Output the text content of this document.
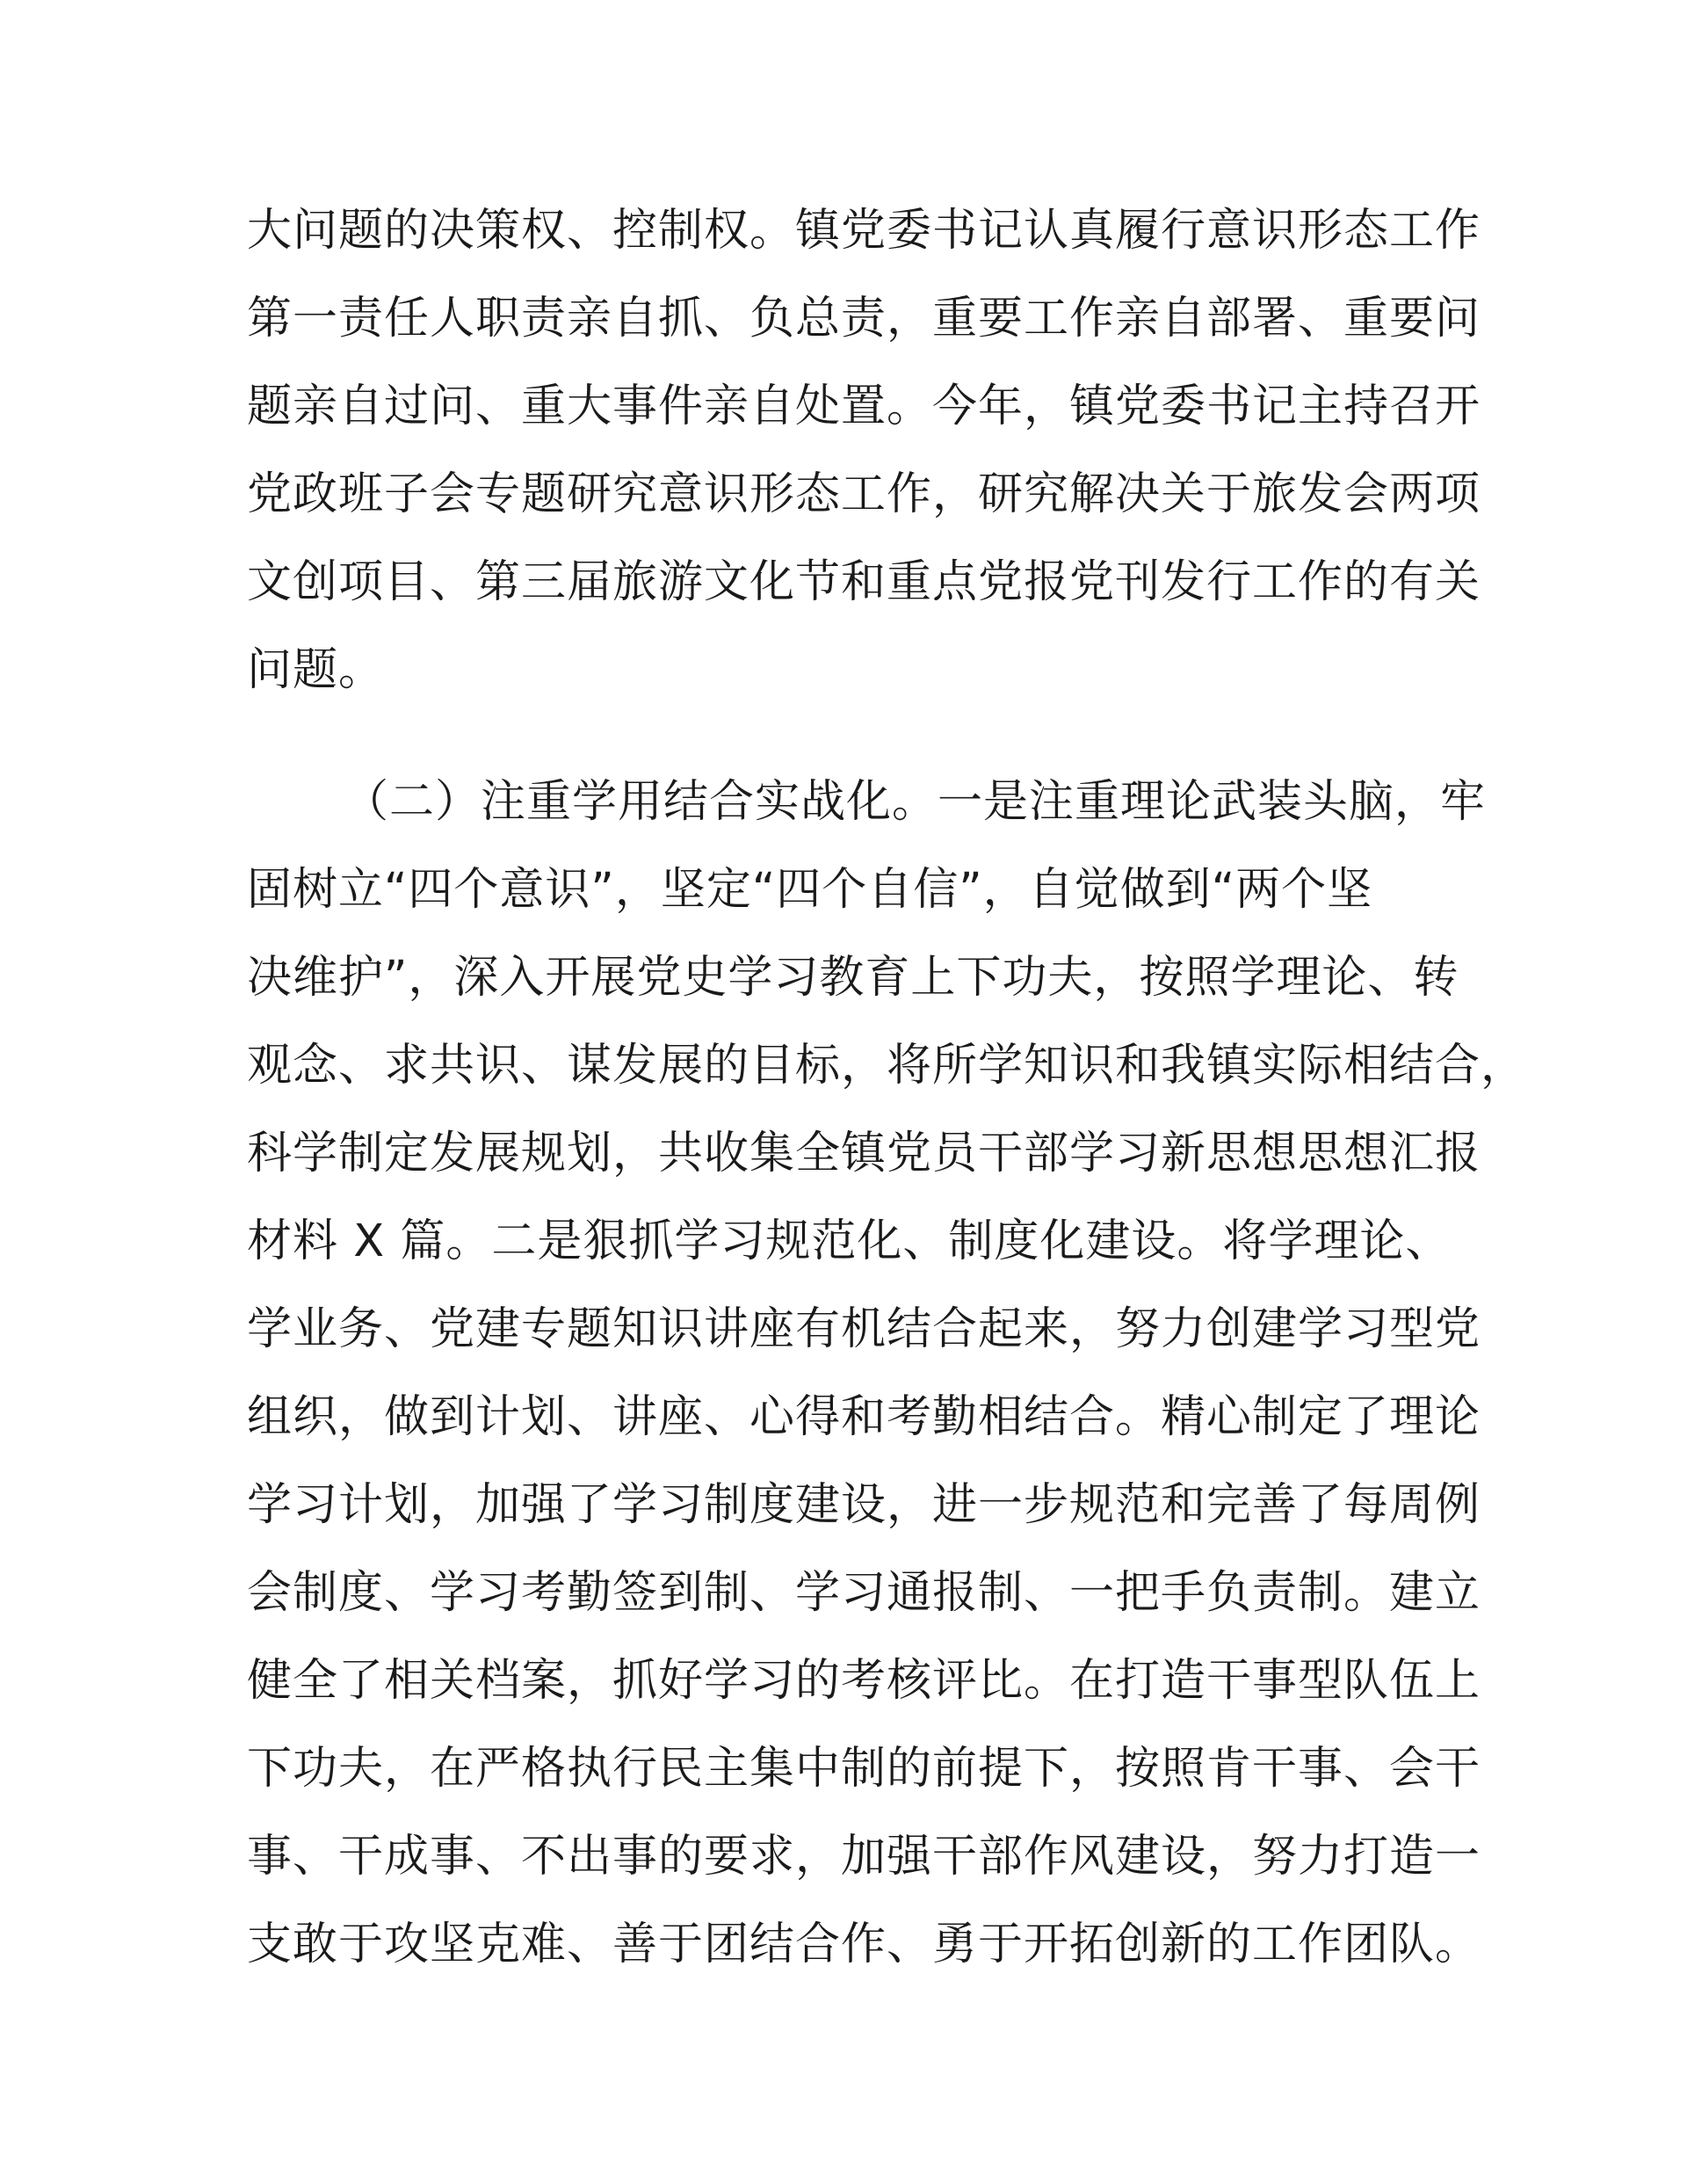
大问题的决策权、控制权。镇党委书记认真履行意识形态工作
第一责任人职责亲自抓、负总责，重要工作亲自部署、重要问
题亲自过问、重大事件亲自处置。今年，镇党委书记主持召开
党政班子会专题研究意识形态工作，研究解决关于旅发会两项
文创项目、第三届旅游文化节和重点党报党刊发行工作的有关
问题。
（二）注重学用结合实战化。一是注重理论武装头脑，牢
固树立“四个意识”，坚定“四个自信”，自觉做到“两个坚
决维护”，深入开展党史学习教育上下功夫，按照学理论、转
观念、求共识、谋发展的目标，将所学知识和我镇实际相结合，
科学制定发展规划，共收集全镇党员干部学习新思想思想汇报
材料 X 篇。二是狠抓学习规范化、制度化建设。将学理论、
学业务、党建专题知识讲座有机结合起来，努力创建学习型党
组织，做到计划、讲座、心得和考勤相结合。精心制定了理论
学习计划，加强了学习制度建设，进一步规范和完善了每周例
会制度、学习考勤签到制、学习通报制、一把手负责制。建立
健全了相关档案，抓好学习的考核评比。在打造干事型队伍上
下功夫，在严格执行民主集中制的前提下，按照肯干事、会干
事、干成事、不出事的要求，加强干部作风建设，努力打造一
支敢于攻坚克难、善于团结合作、勇于开拓创新的工作团队。
